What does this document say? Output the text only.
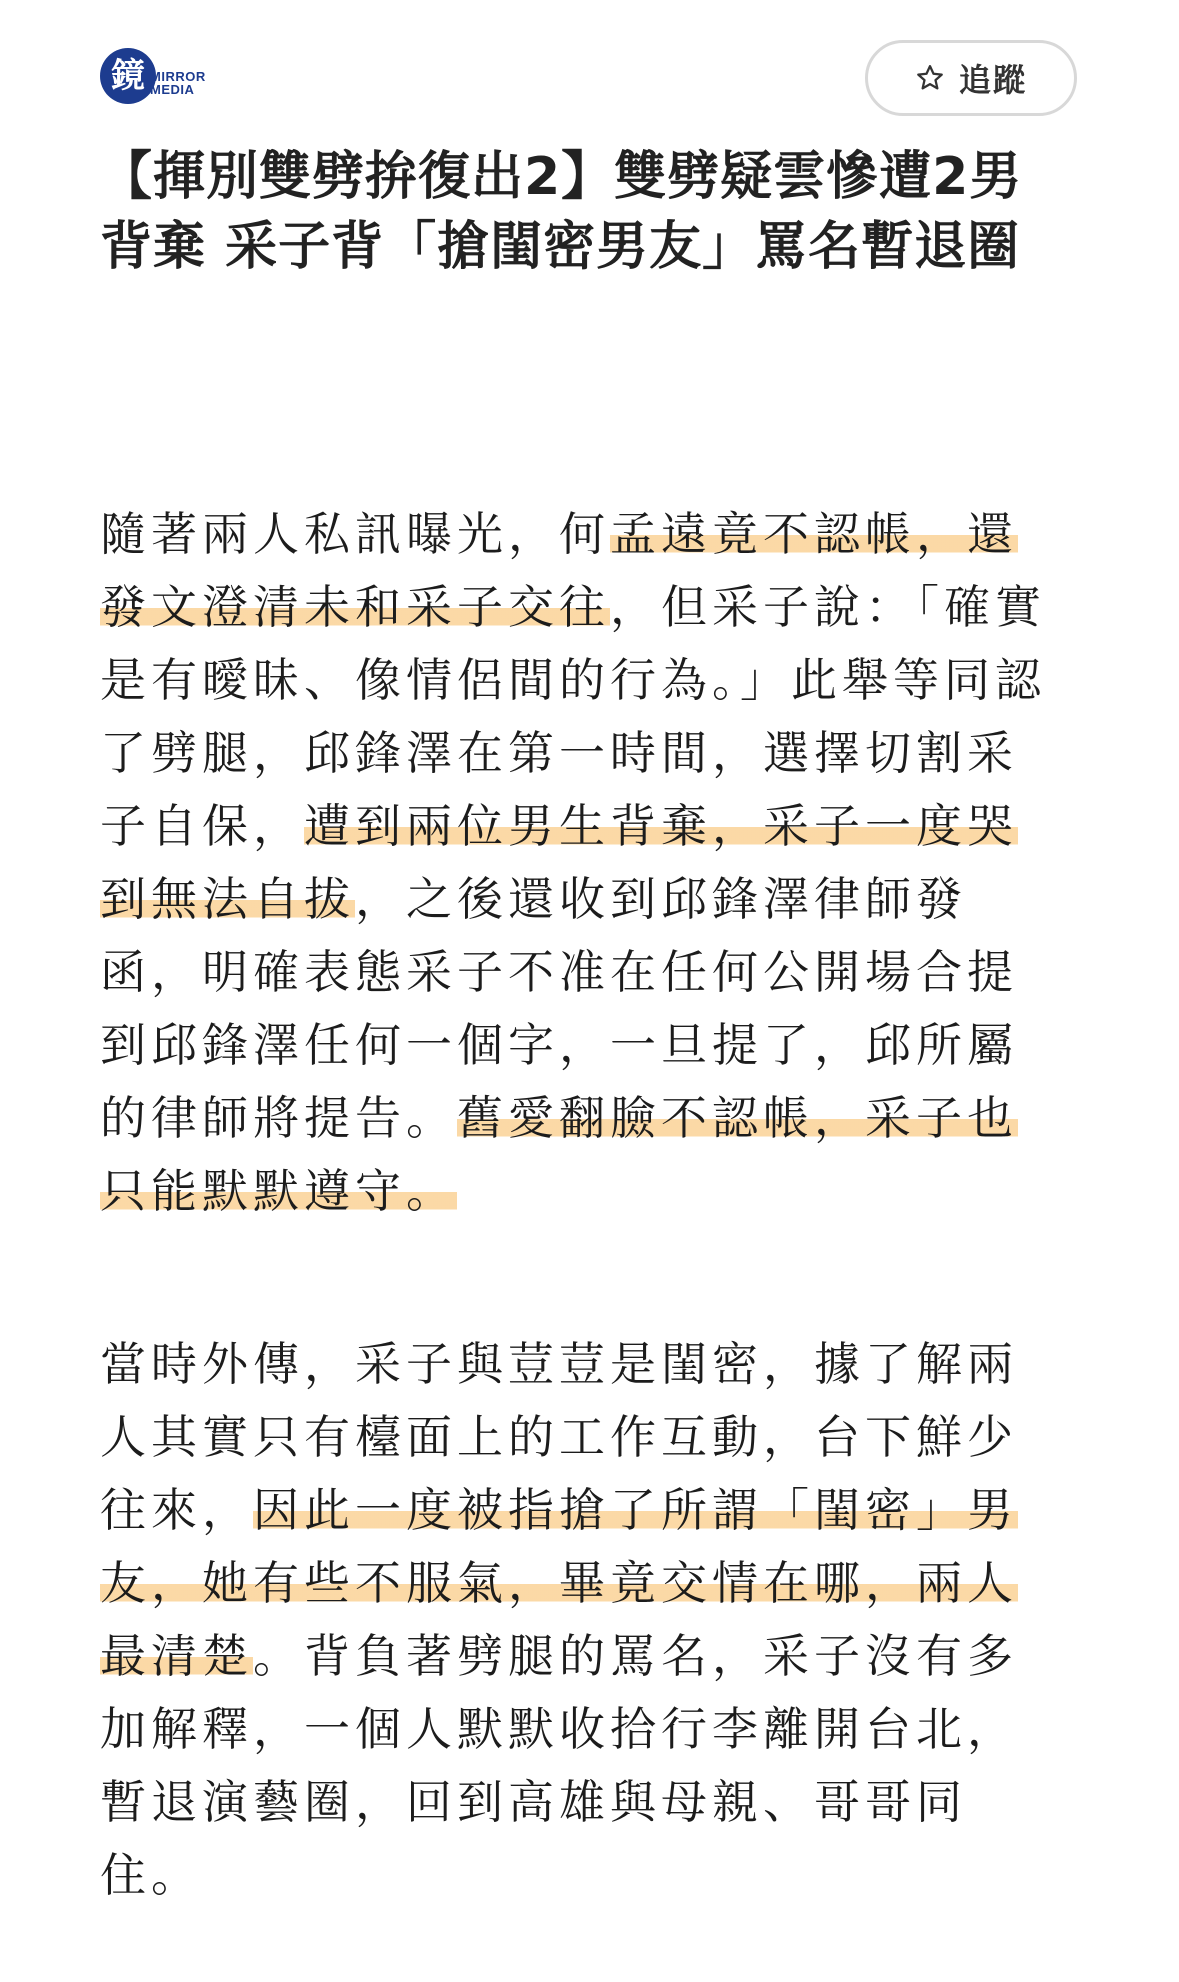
鏡 MIRROR
MEDIA	追蹤
【揮別雙劈拚復出2】雙劈疑雲慘遭2男背棄 采子背「搶閨密男友」罵名暫退圈

隨著兩人私訊曝光，何孟遠竟不認帳，還發文澄清未和采子交往，但采子說：「確實是有曖昧、像情侶間的行為。」此舉等同認了劈腿，邱鋒澤在第一時間，選擇切割采子自保，遭到兩位男生背棄，采子一度哭到無法自拔，之後還收到邱鋒澤律師發函，明確表態采子不准在任何公開場合提到邱鋒澤任何一個字，一旦提了，邱所屬的律師將提告。舊愛翻臉不認帳，采子也只能默默遵守。

當時外傳，采子與荳荳是閨密，據了解兩人其實只有檯面上的工作互動，台下鮮少往來，因此一度被指搶了所謂「閨密」男友，她有些不服氣，畢竟交情在哪，兩人最清楚。背負著劈腿的罵名，采子沒有多加解釋，一個人默默收拾行李離開台北，暫退演藝圈，回到高雄與母親、哥哥同住。
